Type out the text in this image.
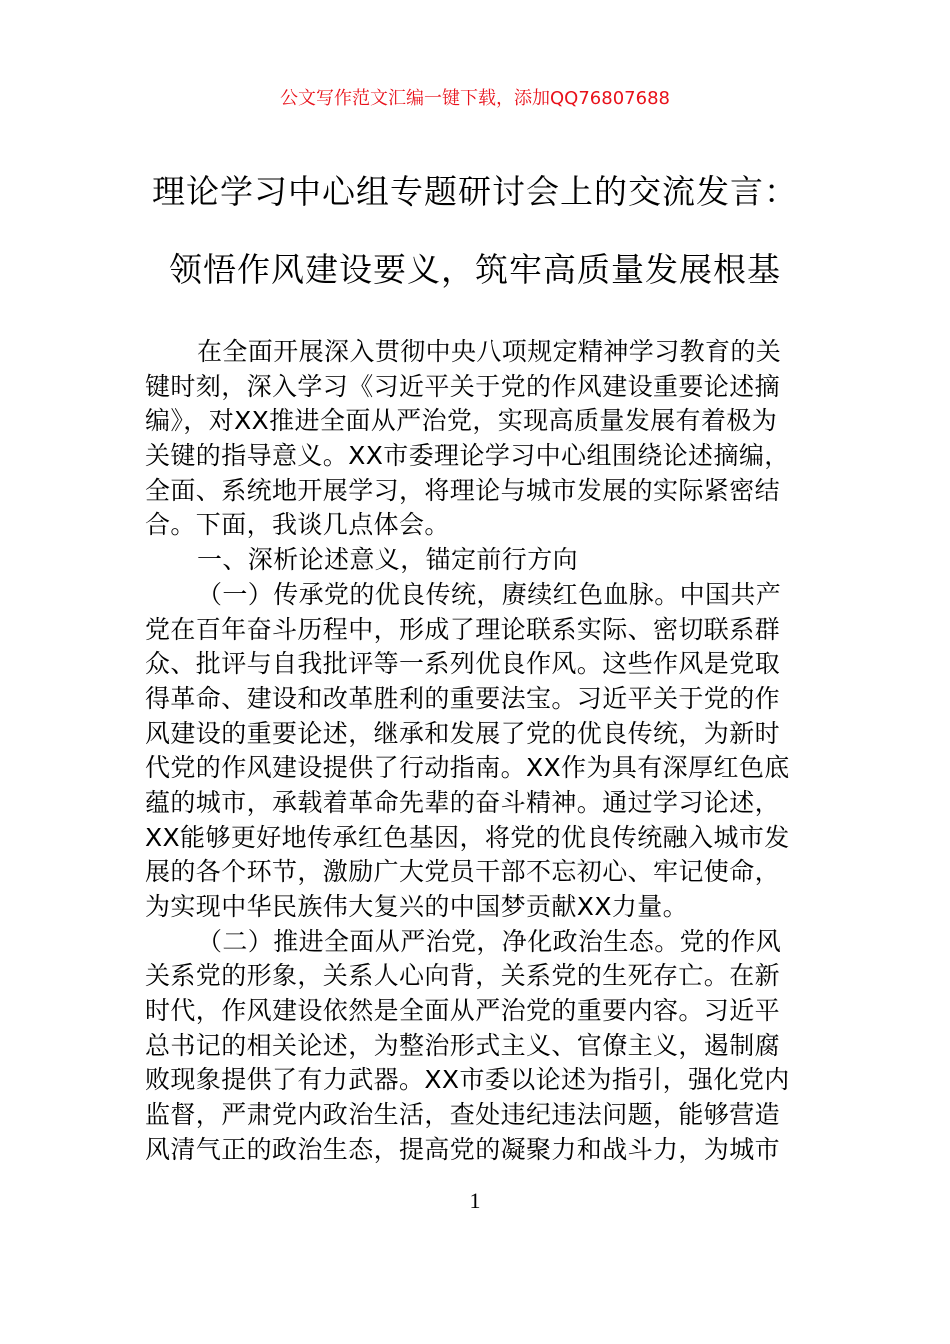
公文写作范文汇编一键下载，添加QQ76807688
理论学习中心组专题研讨会上的交流发言：
领悟作风建设要义，筑牢高质量发展根基
在全面开展深入贯彻中央八项规定精神学习教育的关
键时刻，深入学习《习近平关于党的作风建设重要论述摘
编》，对XX推进全面从严治党，实现高质量发展有着极为
关键的指导意义。XX市委理论学习中心组围绕论述摘编，
全面、系统地开展学习，将理论与城市发展的实际紧密结
合。下面，我谈几点体会。
一、深析论述意义，锚定前行方向
（一）传承党的优良传统，赓续红色血脉。中国共产
党在百年奋斗历程中，形成了理论联系实际、密切联系群
众、批评与自我批评等一系列优良作风。这些作风是党取
得革命、建设和改革胜利的重要法宝。习近平关于党的作
风建设的重要论述，继承和发展了党的优良传统，为新时
代党的作风建设提供了行动指南。XX作为具有深厚红色底
蕴的城市，承载着革命先辈的奋斗精神。通过学习论述，
XX能够更好地传承红色基因，将党的优良传统融入城市发
展的各个环节，激励广大党员干部不忘初心、牢记使命，
为实现中华民族伟大复兴的中国梦贡献XX力量。
（二）推进全面从严治党，净化政治生态。党的作风
关系党的形象，关系人心向背，关系党的生死存亡。在新
时代，作风建设依然是全面从严治党的重要内容。习近平
总书记的相关论述，为整治形式主义、官僚主义，遏制腐
败现象提供了有力武器。XX市委以论述为指引，强化党内
监督，严肃党内政治生活，查处违纪违法问题，能够营造
风清气正的政治生态，提高党的凝聚力和战斗力，为城市
1
